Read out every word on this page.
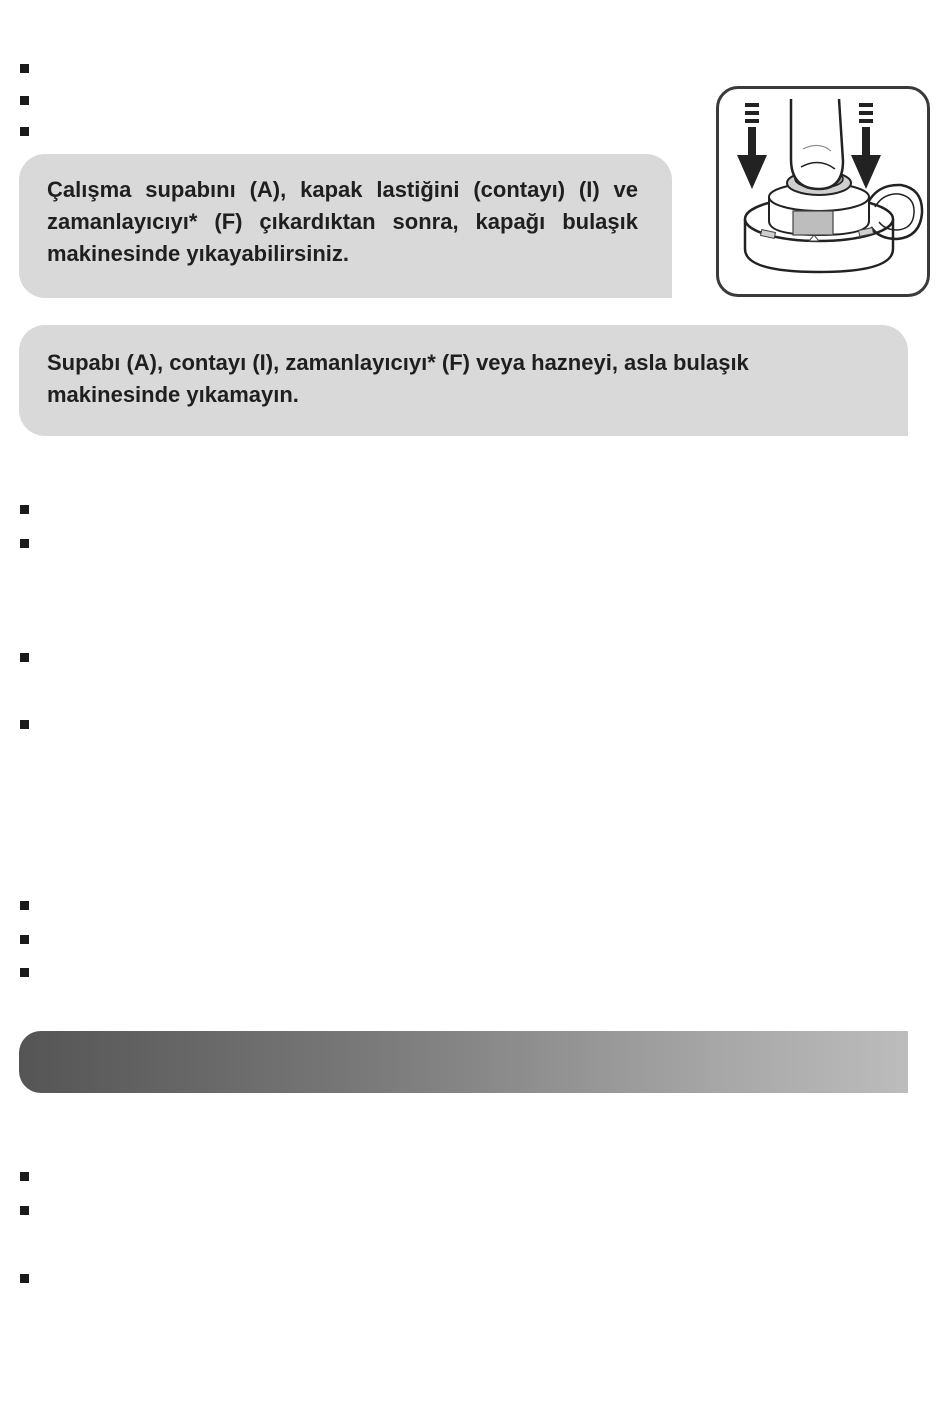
Çalışma supabını (A), kapak lastiğini (contayı) (I) ve zamanlayıcıyı* (F) çıkardıktan sonra, kapağı bulaşık makinesinde yıkayabilirsiniz.
Supabı (A), contayı (I), zamanlayıcıyı* (F) veya hazneyi, asla bulaşık makinesinde yıkamayın.
